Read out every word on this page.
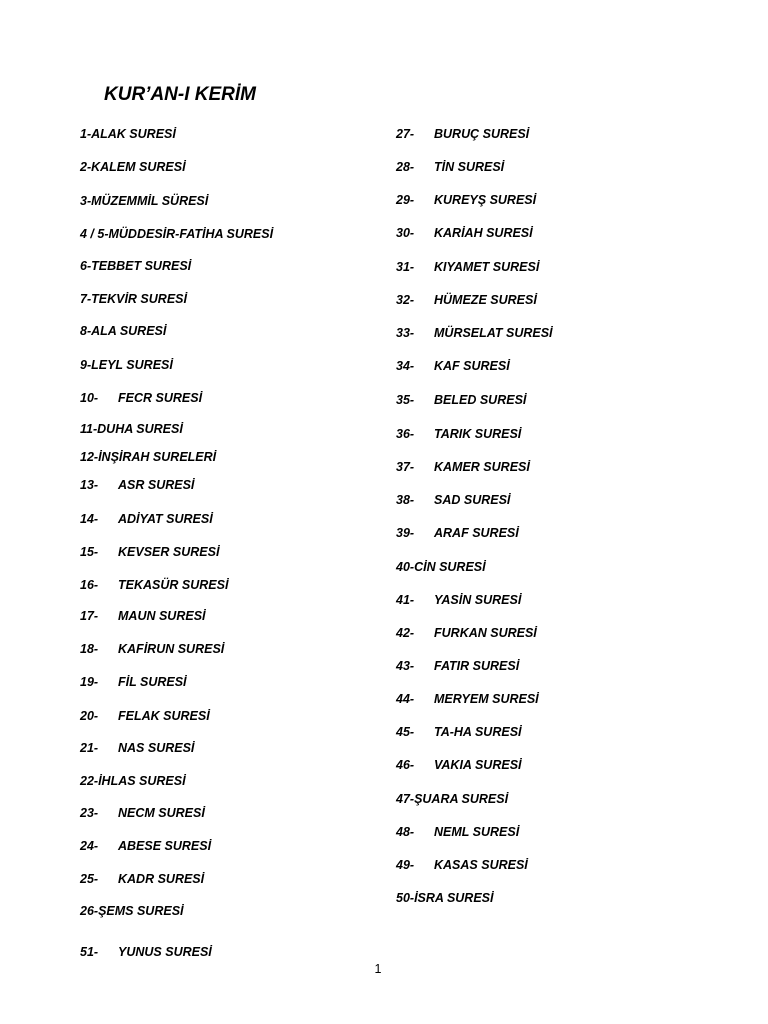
KUR’AN-I KERİM
1-ALAK SURESİ
2-KALEM SURESİ
3-MÜZEMMİL SÜRESİ
4 / 5-MÜDDESİR-FATİHA SURESİ
6-TEBBET SURESİ
7-TEKVİR SURESİ
8-ALA SURESİ
9-LEYL SURESİ
10- FECR SURESİ
11-DUHA SURESİ
12-İNŞİRAH SURELERİ
13- ASR SURESİ
14- ADİYAT SURESİ
15- KEVSER SURESİ
16- TEKASÜR SURESİ
17- MAUN SURESİ
18- KAFİRUN SURESİ
19- FİL SURESİ
20- FELAK SURESİ
21- NAS SURESİ
22-İHLAS SURESİ
23- NECM SURESİ
24- ABESE SURESİ
25- KADR SURESİ
26-ŞEMS SURESİ
51- YUNUS SURESİ
27- BURUÇ SURESİ
28- TİN SURESİ
29- KUREYŞ SURESİ
30- KARİAH SURESİ
31- KIYAMET SURESİ
32- HÜMEZE SURESİ
33- MÜRSELAT SURESİ
34- KAF SURESİ
35- BELED SURESİ
36- TARIK SURESİ
37- KAMER SURESİ
38- SAD SURESİ
39- ARAF SURESİ
40-CİN SURESİ
41- YASİN SURESİ
42- FURKAN SURESİ
43- FATIR SURESİ
44- MERYEM SURESİ
45- TA-HA SURESİ
46- VAKIA SURESİ
47-ŞUARA SURESİ
48- NEML SURESİ
49- KASAS SURESİ
50-İSRA SURESİ
1
